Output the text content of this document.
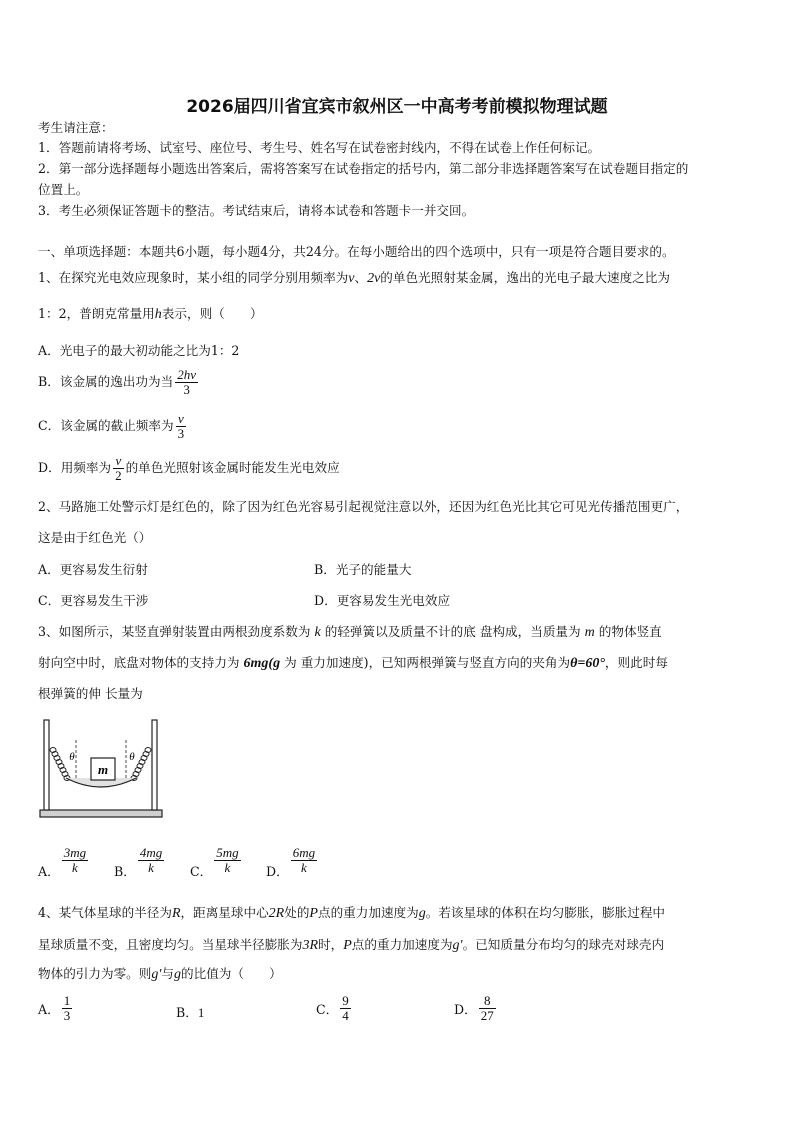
2026届四川省宜宾市叙州区一中高考考前模拟物理试题
考生请注意：
1．答题前请将考场、试室号、座位号、考生号、姓名写在试卷密封线内，不得在试卷上作任何标记。
2．第一部分选择题每小题选出答案后，需将答案写在试卷指定的括号内，第二部分非选择题答案写在试卷题目指定的
位置上。
3．考生必须保证答题卡的整洁。考试结束后，请将本试卷和答题卡一并交回。
一、单项选择题：本题共6小题，每小题4分，共24分。在每小题给出的四个选项中，只有一项是符合题目要求的。
1、在探究光电效应现象时，某小组的同学分别用频率为ν、2ν的单色光照射某金属，逸出的光电子最大速度之比为
1：2，普朗克常量用h表示，则（　　）
A．光电子的最大初动能之比为1：2
B．该金属的逸出功为当 $\frac{2h\nu}{3}$
C．该金属的截止频率为 $\frac{\nu}{3}$
D．用频率为 $\frac{\nu}{2}$ 的单色光照射该金属时能发生光电效应
2、马路施工处警示灯是红色的，除了因为红色光容易引起视觉注意以外，还因为红色光比其它可见光传播范围更广，
这是由于红色光（）
A．更容易发生衍射	B．光子的能量大
C．更容易发生干涉	D．更容易发生光电效应
3、如图所示，某竖直弹射装置由两根劲度系数为 k 的轻弹簧以及质量不计的底 盘构成，当质量为 m 的物体竖直
射向空中时，底盘对物体的支持力为 6mg(g 为 重力加速度)，已知两根弹簧与竖直方向的夹角为θ=60°，则此时每
根弹簧的伸 长量为
m
θ	θ
A． $\frac{3mg}{k}$ B． $\frac{4mg}{k}$ C． $\frac{5mg}{k}$ D． $\frac{6mg}{k}$
4、某气体星球的半径为R，距离星球中心2R处的P点的重力加速度为g。若该星球的体积在均匀膨胀，膨胀过程中
星球质量不变，且密度均匀。当星球半径膨胀为3R时，P点的重力加速度为g′。已知质量分布均匀的球壳对球壳内
物体的引力为零。则g′与g的比值为（　　）
A． $\frac{1}{3}$	B．1	C． $\frac{9}{4}$	D． $\frac{8}{27}$
